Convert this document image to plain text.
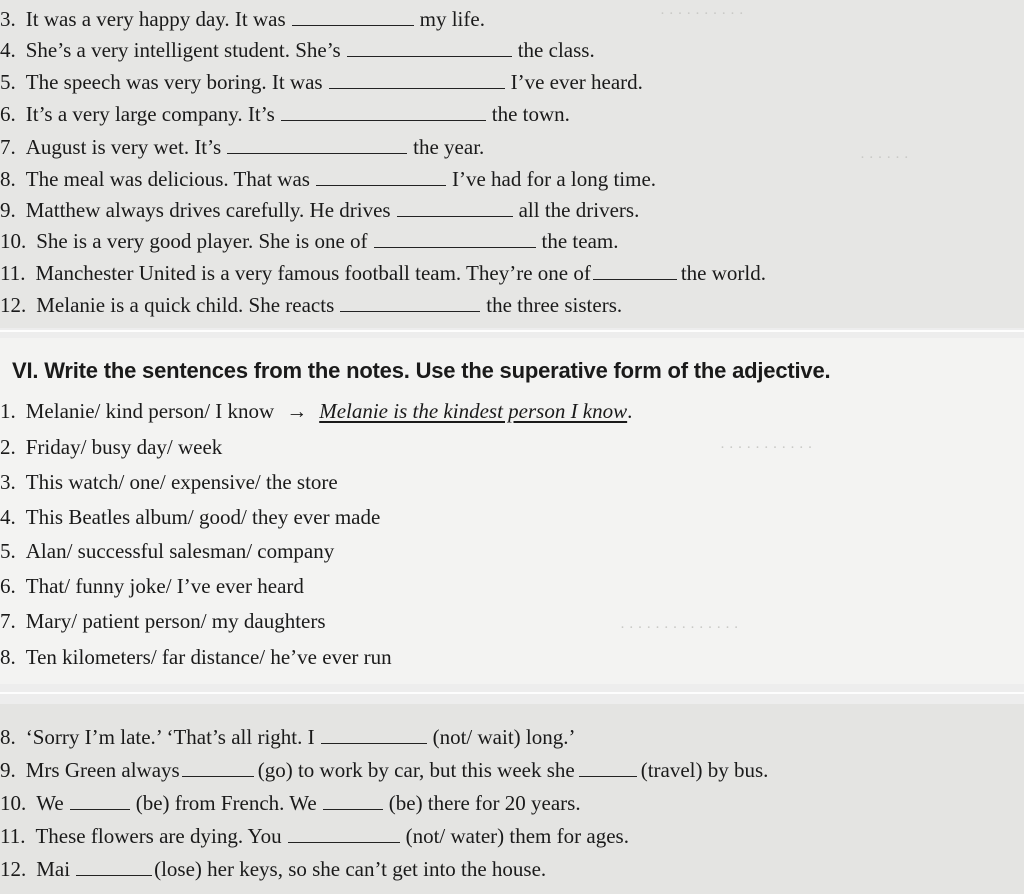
· · · · · · · · · ·
· · · · · ·
· · · · · · · · · · ·
· · · · · · · · · · · · · ·
3. It was a very happy day. It was	my life.
4. She’s a very intelligent student. She’s	the class.
5. The speech was very boring. It was	I’ve ever heard.
6. It’s a very large company. It’s	the town.
7. August is very wet. It’s	the year.
8. The meal was delicious. That was	I’ve had for a long time.
9. Matthew always drives carefully. He drives	all the drivers.
10. She is a very good player. She is one of	the team.
11. Manchester United is a very famous football team. They’re one of	the world.
12. Melanie is a quick child. She reacts	the three sisters.
VI. Write the sentences from the notes. Use the superative form of the adjective.
1. Melanie/ kind person/ I know → Melanie is the kindest person I know.
2. Friday/ busy day/ week
3. This watch/ one/ expensive/ the store
4. This Beatles album/ good/ they ever made
5. Alan/ successful salesman/ company
6. That/ funny joke/ I’ve ever heard
7. Mary/ patient person/ my daughters
8. Ten kilometers/ far distance/ he’ve ever run
8. ‘Sorry I’m late.’ ‘That’s all right. I	(not/ wait) long.’
9. Mrs Green always	(go) to work by car, but this week she	(travel) by bus.
10. We	(be) from French. We	(be) there for 20 years.
11. These flowers are dying. You	(not/ water) them for ages.
12. Mai	(lose) her keys, so she can’t get into the house.
